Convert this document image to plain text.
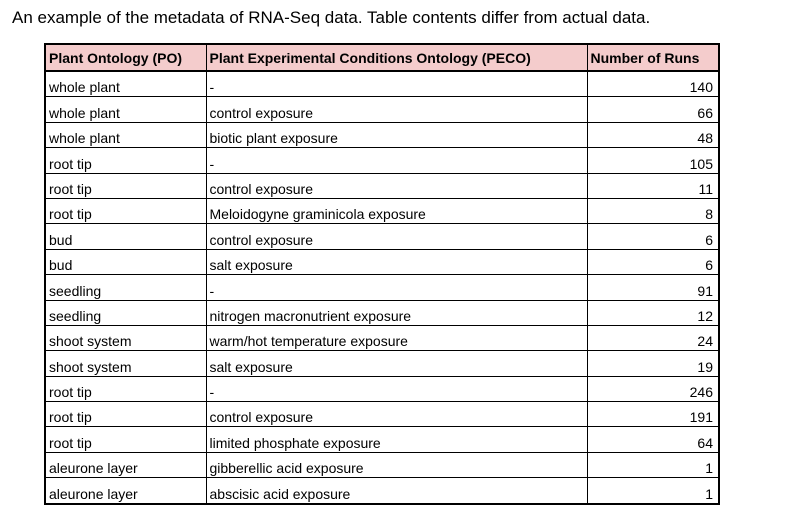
An example of the metadata of RNA-Seq data. Table contents differ from actual data.
Plant Ontology (PO)	Plant Experimental Conditions Ontology (PECO)	Number of Runs
whole plant	-	140
whole plant	control exposure	66
whole plant	biotic plant exposure	48
root tip	-	105
root tip	control exposure	11
root tip	Meloidogyne graminicola exposure	8
bud	control exposure	6
bud	salt exposure	6
seedling	-	91
seedling	nitrogen macronutrient exposure	12
shoot system	warm/hot temperature exposure	24
shoot system	salt exposure	19
root tip	-	246
root tip	control exposure	191
root tip	limited phosphate exposure	64
aleurone layer	gibberellic acid exposure	1
aleurone layer	abscisic acid exposure	1
